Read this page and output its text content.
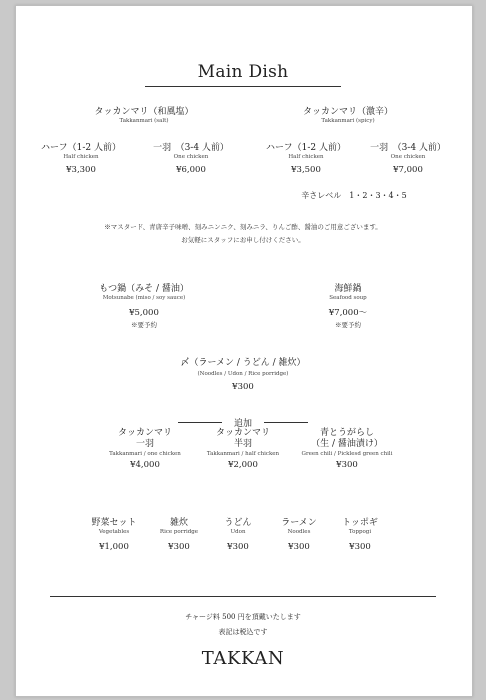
Main Dish
タッカンマリ（和風塩）
Takkanmari (salt)
ハーフ（1-2 人前）
Half chicken
¥3,300
一羽　（3-4 人前）
One chicken
¥6,000
タッカンマリ（激辛）
Takkanmari (spicy)
ハーフ（1-2 人前）
Half chicken
¥3,500
一羽　（3-4 人前）
One chicken
¥7,000
辛さレベル　1・2・3・4・5
※マスタード、青唐辛子味噌、刻みニンニク、刻みニラ、りんご酢、醤油のご用意ございます。
お気軽にスタッフにお申し付けください。
もつ鍋（みそ / 醤油）
Motsunabe (miso / soy sauce)
¥5,000
※要予約
海鮮鍋
Seafood soup
¥7,000〜
※要予約
〆（ラーメン / うどん / 雑炊）
(Noodles / Udon / Rice porridge)
¥300
追加
タッカンマリ
一羽
Takkanmari / one chicken
¥4,000
タッカンマリ
半羽
Takkanmari / half chicken
¥2,000
青とうがらし
（生 / 醤油漬け）
Green chili / Picklesd green chili
¥300
野菜セット
Vegetables
¥1,000
雑炊
Rice porridge
¥300
うどん
Udon
¥300
ラーメン
Noodles
¥300
トッポギ
Toppogi
¥300
チャージ料 500 円を頂戴いたします
表記は税込です
TAKKAN
